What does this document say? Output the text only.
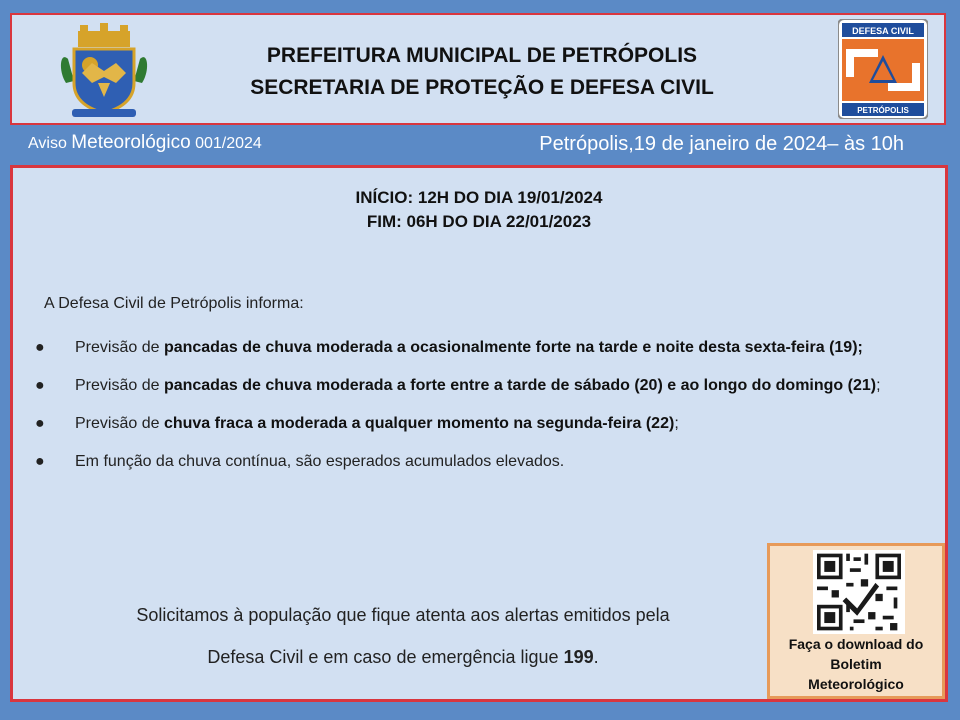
PREFEITURA MUNICIPAL DE PETRÓPOLIS
SECRETARIA DE PROTEÇÃO E DEFESA CIVIL
DEFESA CIVIL
PETRÓPOLIS
Aviso Meteorológico 001/2024	Petrópolis,19 de janeiro de 2024– às 10h
INÍCIO: 12H DO DIA 19/01/2024
FIM: 06H DO DIA 22/01/2023
A Defesa Civil de Petrópolis informa:
● Previsão de pancadas de chuva moderada a ocasionalmente forte na tarde e noite desta sexta-feira (19);
● Previsão de pancadas de chuva moderada a forte entre a tarde de sábado (20) e ao longo do domingo (21);
● Previsão de chuva fraca a moderada a qualquer momento na segunda-feira (22);
● Em função da chuva contínua, são esperados acumulados elevados.
Solicitamos à população que fique atenta aos alertas emitidos pela
Defesa Civil e em caso de emergência ligue 199.
Faça o download do
Boletim
Meteorológico
